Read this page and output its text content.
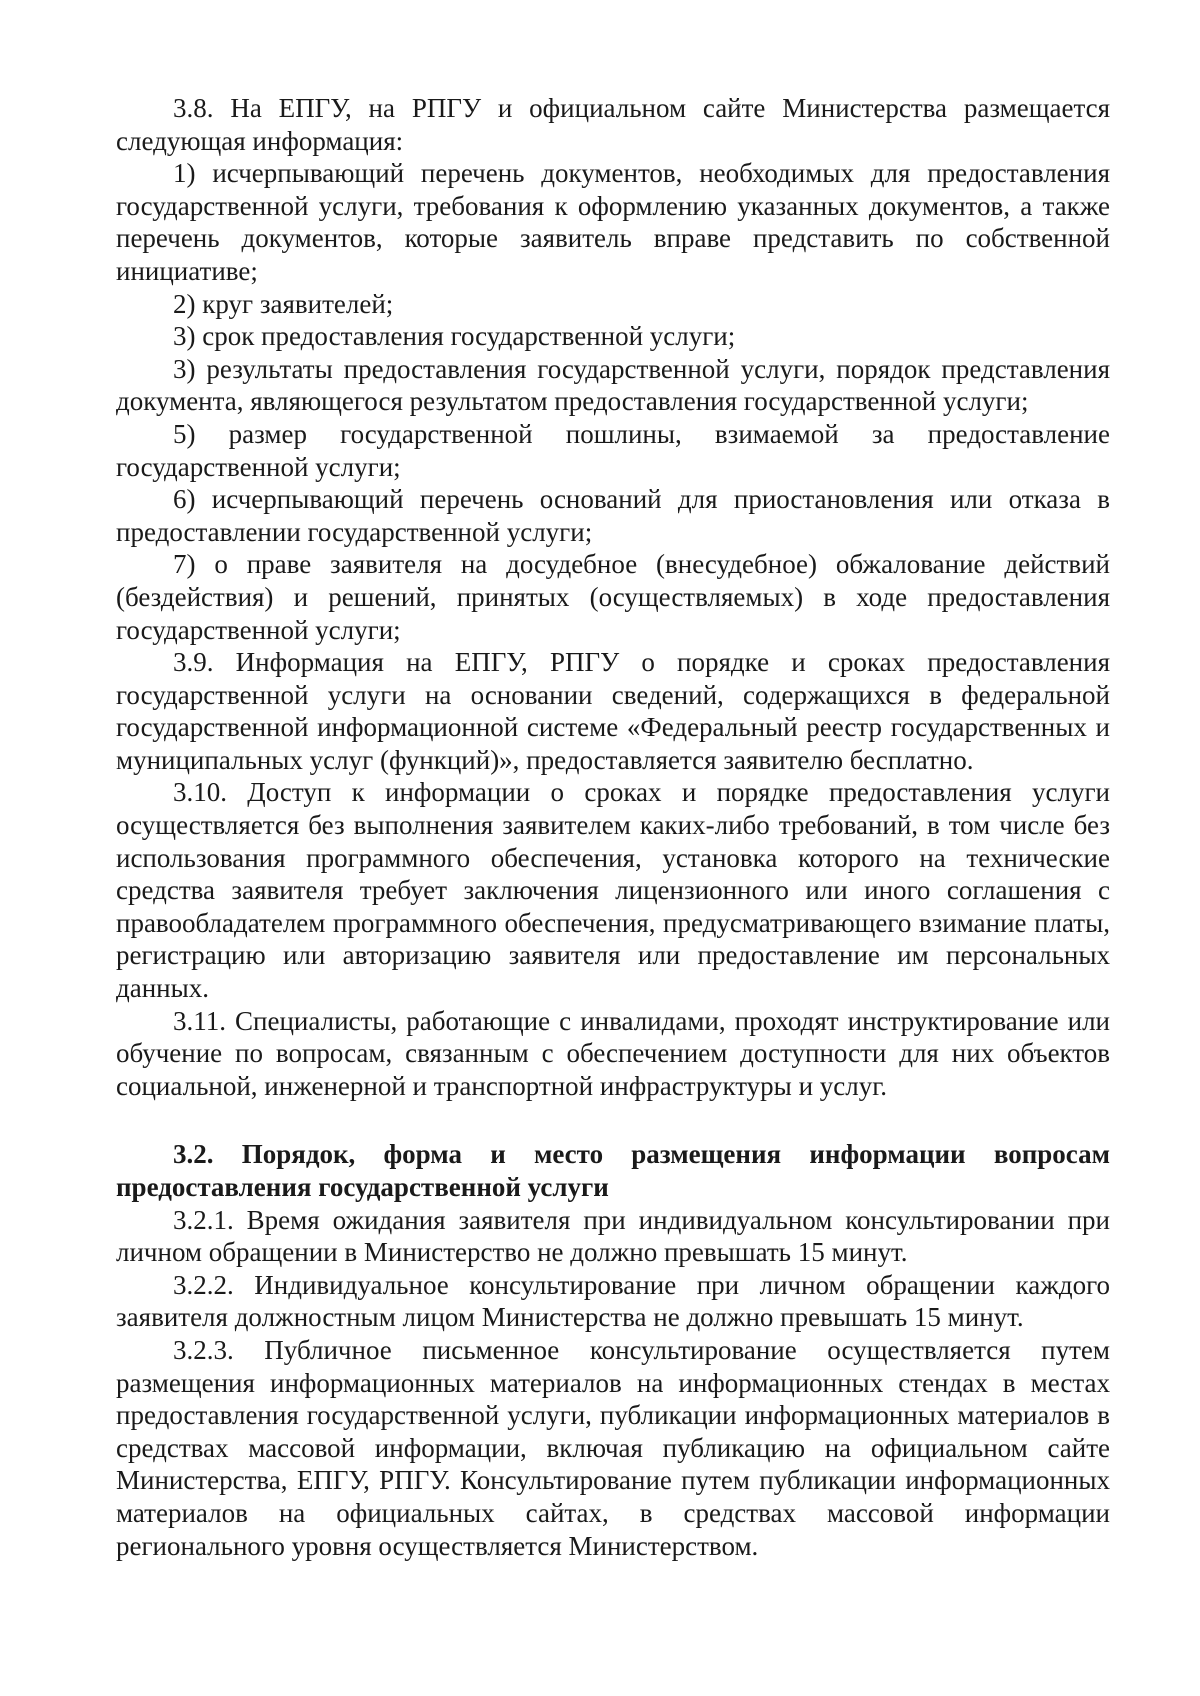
3.8. На ЕПГУ, на РПГУ и официальном сайте Министерства размещается следующая информация:

1) исчерпывающий перечень документов, необходимых для предоставления государственной услуги, требования к оформлению указанных документов, а также перечень документов, которые заявитель вправе представить по собственной инициативе;

2) круг заявителей;

3) срок предоставления государственной услуги;

3) результаты предоставления государственной услуги, порядок представления документа, являющегося результатом предоставления государственной услуги;

5) размер государственной пошлины, взимаемой за предоставление государственной услуги;

6) исчерпывающий перечень оснований для приостановления или отказа в предоставлении государственной услуги;

7) о праве заявителя на досудебное (внесудебное) обжалование действий (бездействия) и решений, принятых (осуществляемых) в ходе предоставления государственной услуги;

3.9. Информация на ЕПГУ, РПГУ о порядке и сроках предоставления государственной услуги на основании сведений, содержащихся в федеральной государственной информационной системе «Федеральный реестр государственных и муниципальных услуг (функций)», предоставляется заявителю бесплатно.

3.10. Доступ к информации о сроках и порядке предоставления услуги осуществляется без выполнения заявителем каких-либо требований, в том числе без использования программного обеспечения, установка которого на технические средства заявителя требует заключения лицензионного или иного соглашения с правообладателем программного обеспечения, предусматривающего взимание платы, регистрацию или авторизацию заявителя или предоставление им персональных данных.

3.11. Специалисты, работающие с инвалидами, проходят инструктирование или обучение по вопросам, связанным с обеспечением доступности для них объектов социальной, инженерной и транспортной инфраструктуры и услуг.

3.2. Порядок, форма и место размещения информации вопросам предоставления государственной услуги

3.2.1. Время ожидания заявителя при индивидуальном консультировании при личном обращении в Министерство не должно превышать 15 минут.

3.2.2. Индивидуальное консультирование при личном обращении каждого заявителя должностным лицом Министерства не должно превышать 15 минут.

3.2.3. Публичное письменное консультирование осуществляется путем размещения информационных материалов на информационных стендах в местах предоставления государственной услуги, публикации информационных материалов в средствах массовой информации, включая публикацию на официальном сайте Министерства, ЕПГУ, РПГУ. Консультирование путем публикации информационных материалов на официальных сайтах, в средствах массовой информации регионального уровня осуществляется Министерством.
